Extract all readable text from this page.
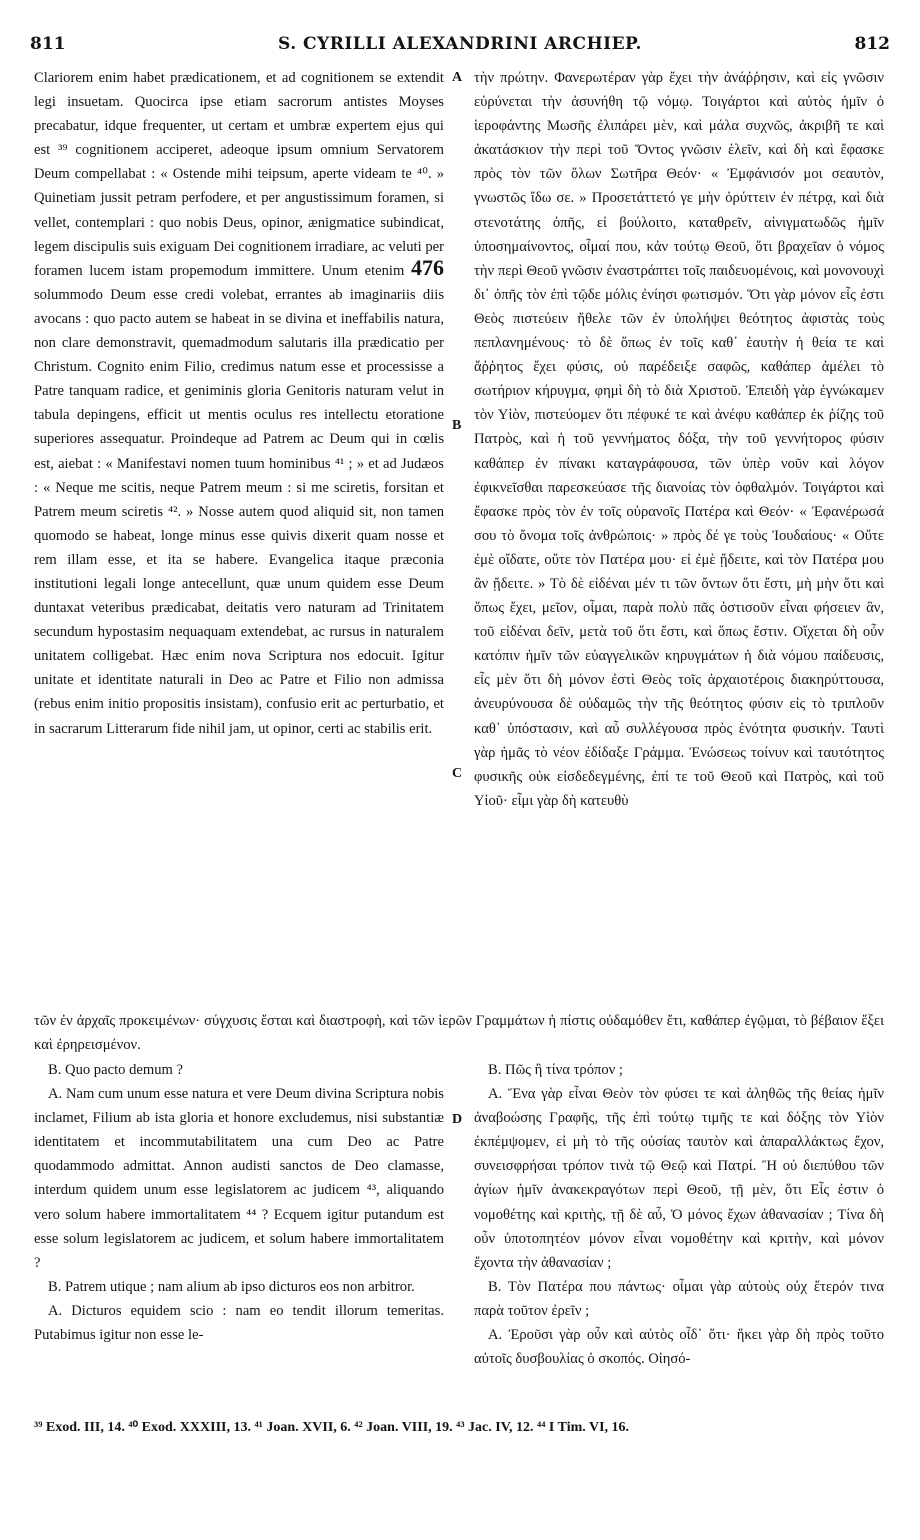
811	S. CYRILLI ALEXANDRINI ARCHIEP.	812
A
B
C
D

Clariorem enim habet prædicationem, et ad cognitionem se extendit legi insuetam. Quocirca ipse etiam sacrorum antistes Moyses precabatur, idque frequenter, ut certam et umbræ expertem ejus qui est ³⁹ cognitionem acciperet, adeoque ipsum omnium Servatorem Deum compellabat : « Ostende mihi teipsum, aperte videam te ⁴⁰. » Quinetiam jussit petram perfodere, et per angustissimum foramen, si vellet, contemplari : quo nobis Deus, opinor, ænigmatice subindicat, legem discipulis suis exiguam Dei cognitionem irradiare, ac veluti per foramen lucem istam propemodum immittere. Unum etenim 476 solummodo Deum esse credi volebat, errantes ab imaginariis diis avocans : quo pacto autem se habeat in se divina et ineffabilis natura, non clare demonstravit, quemadmodum salutaris illa prædicatio per Christum. Cognito enim Filio, credimus natum esse et processisse a Patre tanquam radice, et geniminis gloria Genitoris naturam velut in tabula depingens, efficit ut mentis oculus res intellectu etoratione superiores assequatur. Proindeque ad Patrem ac Deum qui in cœlis est, aiebat : « Manifestavi nomen tuum hominibus ⁴¹ ; » et ad Judæos : « Neque me scitis, neque Patrem meum : si me sciretis, forsitan et Patrem meum sciretis ⁴². » Nosse autem quod aliquid sit, non tamen quomodo se habeat, longe minus esse quivis dixerit quam nosse et rem illam esse, et ita se habere. Evangelica itaque præconia institutioni legali longe antecellunt, quæ unum quidem esse Deum duntaxat veteribus prædicabat, deitatis vero naturam ad Trinitatem secundum hypostasim nequaquam extendebat, ac rursus in naturalem unitatem colligebat. Hæc enim nova Scriptura nos edocuit. Igitur unitate et identitate naturali in Deo ac Patre et Filio non admissa (rebus enim initio propositis insistam), confusio erit ac perturbatio, et in sacrarum Litterarum fide nihil jam, ut opinor, certi ac stabilis erit.

τὴν πρώτην. Φανερωτέραν γὰρ ἔχει τὴν ἀνάῤῥησιν, καὶ εἰς γνῶσιν εὐρύνεται τὴν ἀσυνήθη τῷ νόμῳ. Τοιγάρτοι καὶ αὐτὸς ἡμῖν ὁ ἱεροφάντης Μωσῆς ἐλιπάρει μὲν, καὶ μάλα συχνῶς, ἀκριβῆ τε καὶ ἀκατάσκιον τὴν περὶ τοῦ Ὄντος γνῶσιν ἑλεῖν, καὶ δὴ καὶ ἔφασκε πρὸς τὸν τῶν ὅλων Σωτῆρα Θεόν· « Ἐμφάνισόν μοι σεαυτὸν, γνωστῶς ἴδω σε. » Προσετάττετό γε μὴν ὀρύττειν ἐν πέτρᾳ, καὶ διὰ στενοτάτης ὀπῆς, εἰ βούλοιτο, καταθρεῖν, αἰνιγματωδῶς ἡμῖν ὑποσημαίνοντος, οἶμαί που, κἀν τούτῳ Θεοῦ, ὅτι βραχεῖαν ὁ νόμος τὴν περὶ Θεοῦ γνῶσιν ἐναστράπτει τοῖς παιδευομένοις, καὶ μονονουχὶ δι᾽ ὀπῆς τὸν ἐπὶ τῷδε μόλις ἐνίησι φωτισμόν. Ὅτι γὰρ μόνον εἷς ἐστι Θεὸς πιστεύειν ἤθελε τῶν ἐν ὑπολήψει θεότητος ἀφιστὰς τοὺς πεπλανημένους· τὸ δὲ ὅπως ἐν τοῖς καθ᾽ ἑαυτὴν ἡ θεία τε καὶ ἄῤῥητος ἔχει φύσις, οὐ παρέδειξε σαφῶς, καθάπερ ἀμέλει τὸ σωτήριον κήρυγμα, φημὶ δὴ τὸ διὰ Χριστοῦ. Ἐπειδὴ γὰρ ἐγνώκαμεν τὸν Υἱὸν, πιστεύομεν ὅτι πέφυκέ τε καὶ ἀνέφυ καθάπερ ἐκ ῥίζης τοῦ Πατρὸς, καὶ ἡ τοῦ γεννήματος δόξα, τὴν τοῦ γεννήτορος φύσιν καθάπερ ἐν πίνακι καταγράφουσα, τῶν ὑπὲρ νοῦν καὶ λόγον ἐφικνεῖσθαι παρεσκεύασε τῆς διανοίας τὸν ὀφθαλμόν. Τοιγάρτοι καὶ ἔφασκε πρὸς τὸν ἐν τοῖς οὐρανοῖς Πατέρα καὶ Θεόν· « Ἐφανέρωσά σου τὸ ὄνομα τοῖς ἀνθρώποις· » πρὸς δέ γε τοὺς Ἰουδαίους· « Οὔτε ἐμὲ οἴδατε, οὔτε τὸν Πατέρα μου· εἰ ἐμὲ ᾔδειτε, καὶ τὸν Πατέρα μου ἂν ᾔδειτε. » Τὸ δὲ εἰδέναι μέν τι τῶν ὄντων ὅτι ἔστι, μὴ μὴν ὅτι καὶ ὅπως ἔχει, μεῖον, οἶμαι, παρὰ πολὺ πᾶς ὁστισοῦν εἶναι φήσειεν ἂν, τοῦ εἰδέναι δεῖν, μετὰ τοῦ ὅτι ἔστι, καὶ ὅπως ἔστιν. Οἴχεται δὴ οὖν κατόπιν ἡμῖν τῶν εὐαγγελικῶν κηρυγμάτων ἡ διὰ νόμου παίδευσις, εἷς μὲν ὅτι δὴ μόνον ἐστὶ Θεὸς τοῖς ἀρχαιοτέροις διακηρύττουσα, ἀνευρύνουσα δὲ οὐδαμῶς τὴν τῆς θεότητος φύσιν εἰς τὸ τριπλοῦν καθ᾽ ὑπόστασιν, καὶ αὖ συλλέγουσα πρὸς ἑνότητα φυσικήν. Ταυτὶ γὰρ ἡμᾶς τὸ νέον ἐδίδαξε Γράμμα. Ἐνώσεως τοίνυν καὶ ταυτότητος φυσικῆς οὐκ εἰσδεδεγμένης, ἐπί τε τοῦ Θεοῦ καὶ Πατρὸς, καὶ τοῦ Υἱοῦ· εἶμι γὰρ δὴ κατευθὺ

τῶν ἐν ἀρχαῖς προκειμένων· σύγχυσις ἔσται καὶ διαστροφὴ, καὶ τῶν ἱερῶν Γραμμάτων ἡ πίστις οὐδαμόθεν ἔτι, καθάπερ ἐγῷμαι, τὸ βέβαιον ἕξει καὶ ἐρηρεισμένον.

B. Quo pacto demum ?

A. Nam cum unum esse natura et vere Deum divina Scriptura nobis inclamet, Filium ab ista gloria et honore excludemus, nisi substantiæ identitatem et incommutabilitatem una cum Deo ac Patre quodammodo admittat. Annon audisti sanctos de Deo clamasse, interdum quidem unum esse legislatorem ac judicem ⁴³, aliquando vero solum habere immortalitatem ⁴⁴ ? Ecquem igitur putandum est esse solum legislatorem ac judicem, et solum habere immortalitatem ?

B. Patrem utique ; nam alium ab ipso dicturos eos non arbitror.

A. Dicturos equidem scio : nam eo tendit illorum temeritas. Putabimus igitur non esse le-

Β. Πῶς ἢ τίνα τρόπον ;

Α. Ἕνα γὰρ εἶναι Θεὸν τὸν φύσει τε καὶ ἀληθῶς τῆς θείας ἡμῖν ἀναβοώσης Γραφῆς, τῆς ἐπὶ τούτῳ τιμῆς τε καὶ δόξης τὸν Υἱὸν ἐκπέμψομεν, εἰ μὴ τὸ τῆς οὐσίας ταυτὸν καὶ ἀπαραλλάκτως ἔχον, συνεισφρήσαι τρόπον τινὰ τῷ Θεῷ καὶ Πατρί. Ἢ οὐ διεπύθου τῶν ἁγίων ἡμῖν ἀνακεκραγότων περὶ Θεοῦ, τῇ μὲν, ὅτι Εἷς ἐστιν ὁ νομοθέτης καὶ κριτὴς, τῇ δὲ αὖ, Ὁ μόνος ἔχων ἀθανασίαν ; Τίνα δὴ οὖν ὑποτοπητέον μόνον εἶναι νομοθέτην καὶ κριτὴν, καὶ μόνον ἔχοντα τὴν ἀθανασίαν ;

Β. Τὸν Πατέρα που πάντως· οἶμαι γὰρ αὐτοὺς οὐχ ἕτερόν τινα παρὰ τοῦτον ἐρεῖν ;

Α. Ἐροῦσι γὰρ οὖν καὶ αὐτὸς οἶδ᾽ ὅτι· ἥκει γὰρ δὴ πρὸς τοῦτο αὐτοῖς δυσβουλίας ὁ σκοπός. Οἰησό-

³⁹ Exod. III, 14. ⁴⁰ Exod. XXXIII, 13. ⁴¹ Joan. XVII, 6. ⁴² Joan. VIII, 19. ⁴³ Jac. IV, 12. ⁴⁴ I Tim. VI, 16.
